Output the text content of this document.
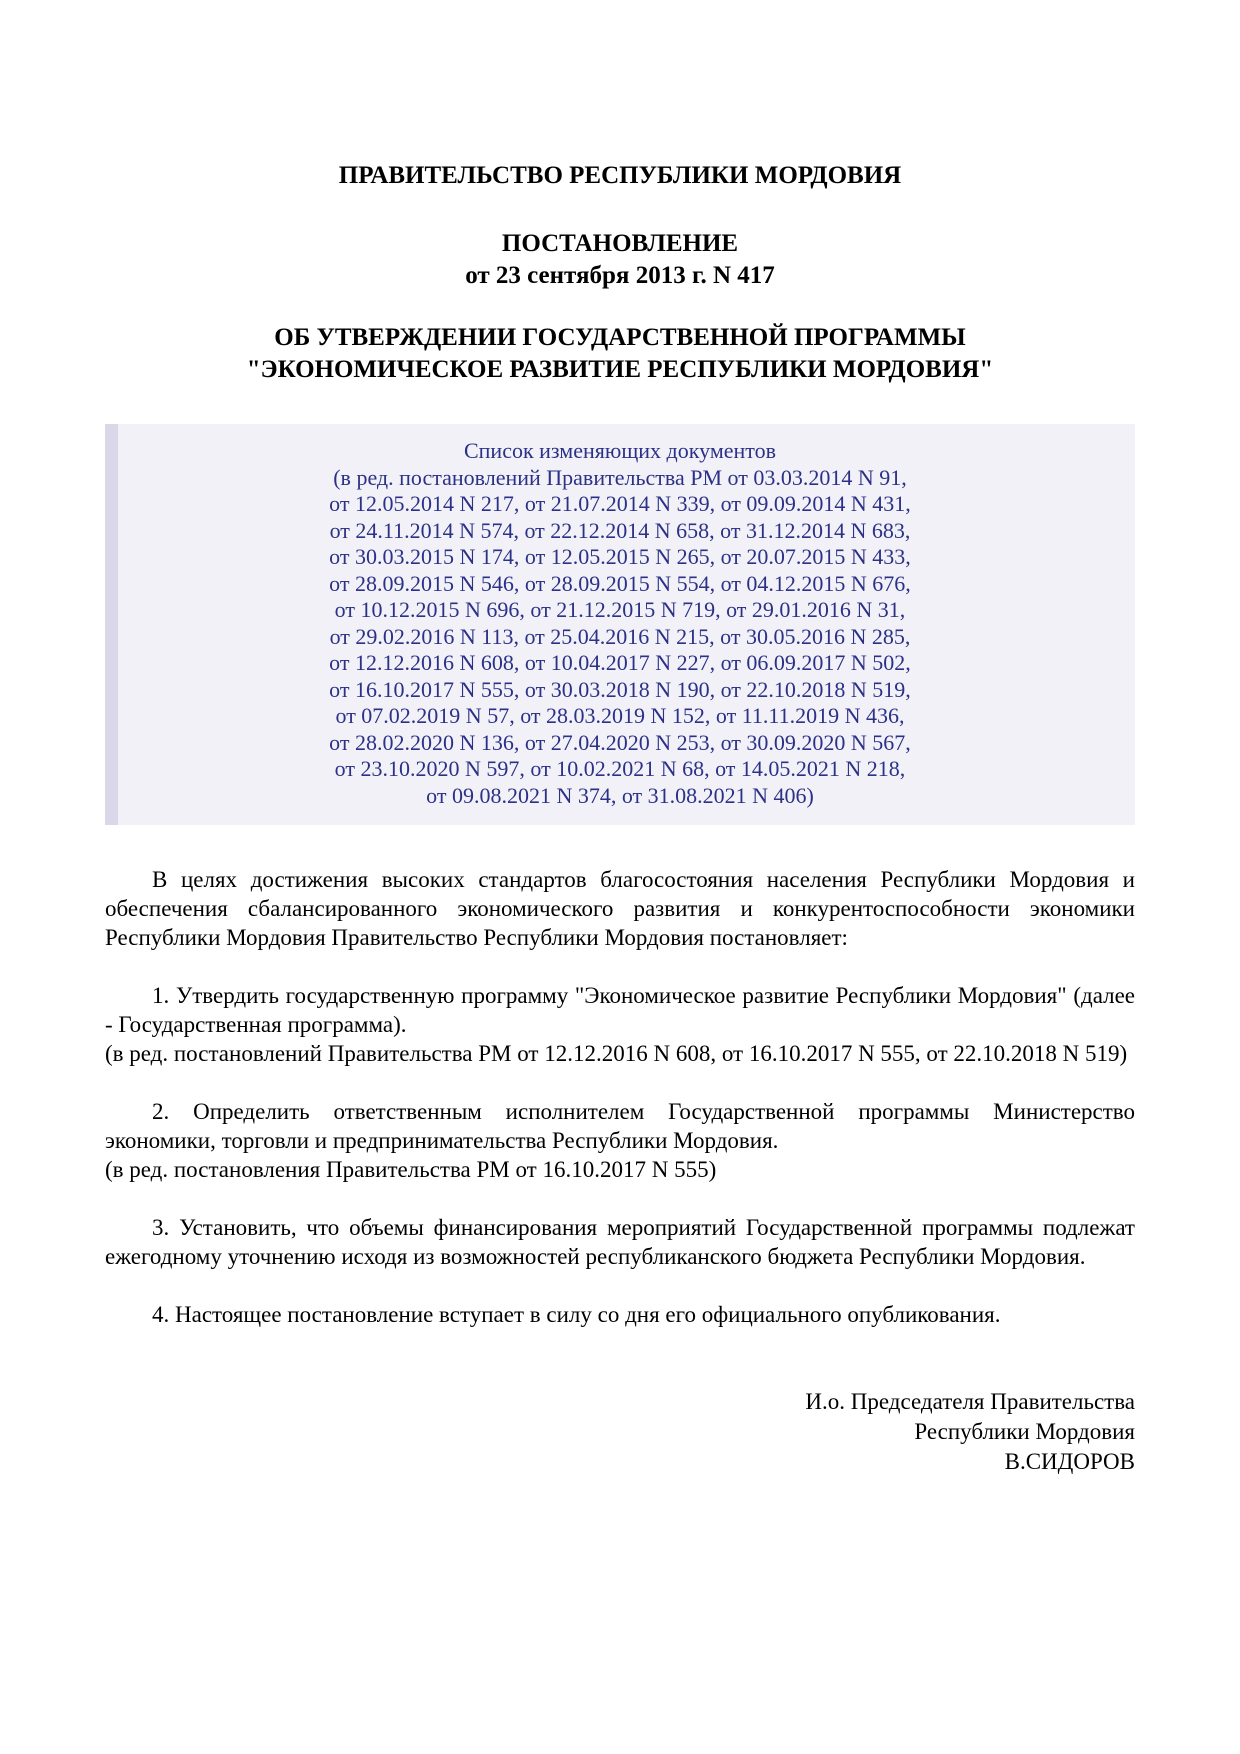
ПРАВИТЕЛЬСТВО РЕСПУБЛИКИ МОРДОВИЯ
ПОСТАНОВЛЕНИЕ
от 23 сентября 2013 г. N 417
ОБ УТВЕРЖДЕНИИ ГОСУДАРСТВЕННОЙ ПРОГРАММЫ
"ЭКОНОМИЧЕСКОЕ РАЗВИТИЕ РЕСПУБЛИКИ МОРДОВИЯ"
Список изменяющих документов
(в ред. постановлений Правительства РМ от 03.03.2014 N 91,
от 12.05.2014 N 217, от 21.07.2014 N 339, от 09.09.2014 N 431,
от 24.11.2014 N 574, от 22.12.2014 N 658, от 31.12.2014 N 683,
от 30.03.2015 N 174, от 12.05.2015 N 265, от 20.07.2015 N 433,
от 28.09.2015 N 546, от 28.09.2015 N 554, от 04.12.2015 N 676,
от 10.12.2015 N 696, от 21.12.2015 N 719, от 29.01.2016 N 31,
от 29.02.2016 N 113, от 25.04.2016 N 215, от 30.05.2016 N 285,
от 12.12.2016 N 608, от 10.04.2017 N 227, от 06.09.2017 N 502,
от 16.10.2017 N 555, от 30.03.2018 N 190, от 22.10.2018 N 519,
от 07.02.2019 N 57, от 28.03.2019 N 152, от 11.11.2019 N 436,
от 28.02.2020 N 136, от 27.04.2020 N 253, от 30.09.2020 N 567,
от 23.10.2020 N 597, от 10.02.2021 N 68, от 14.05.2021 N 218,
от 09.08.2021 N 374, от 31.08.2021 N 406)

В целях достижения высоких стандартов благосостояния населения Республики Мордовия и обеспечения сбалансированного экономического развития и конкурентоспособности экономики Республики Мордовия Правительство Республики Мордовия постановляет:

1. Утвердить государственную программу "Экономическое развитие Республики Мордовия" (далее - Государственная программа).

(в ред. постановлений Правительства РМ от 12.12.2016 N 608, от 16.10.2017 N 555, от 22.10.2018 N 519)

2. Определить ответственным исполнителем Государственной программы Министерство экономики, торговли и предпринимательства Республики Мордовия.

(в ред. постановления Правительства РМ от 16.10.2017 N 555)

3. Установить, что объемы финансирования мероприятий Государственной программы подлежат ежегодному уточнению исходя из возможностей республиканского бюджета Республики Мордовия.

4. Настоящее постановление вступает в силу со дня его официального опубликования.

И.о. Председателя Правительства
Республики Мордовия
В.СИДОРОВ
